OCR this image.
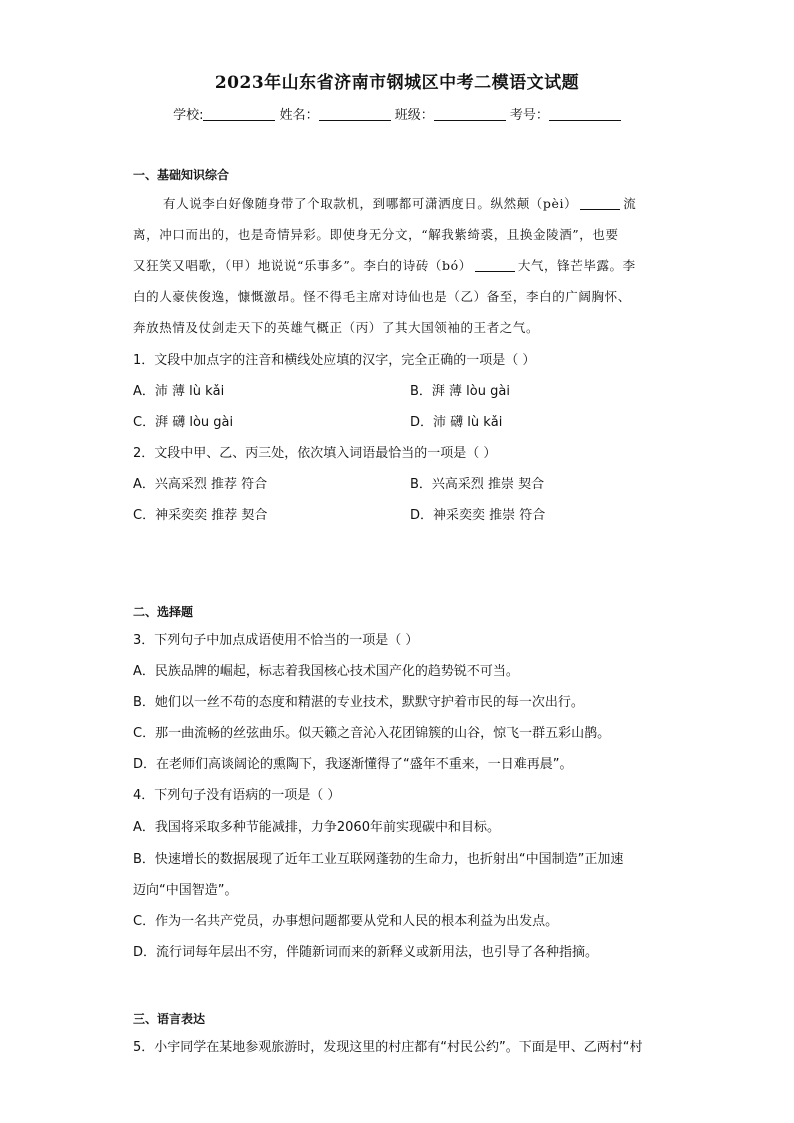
2023年山东省济南市钢城区中考二模语文试题
学校:	姓名：	班级：	考号：
一、基础知识综合
有人说李白好像随身带了个取款机，到哪都可潇洒度日。纵然颠（pèi）	流
离，冲口而出的，也是奇情异彩。即使身无分文，“解我紫绮裘，且换金陵酒”，也要
又狂笑又唱歌，（甲）地说说“乐事多”。李白的诗砖（bó）	大气，锋芒毕露。李
白的人豪侠俊逸，慷慨激昂。怪不得毛主席对诗仙也是（乙）备至，李白的广阔胸怀、
奔放热情及仗剑走天下的英雄气概正（丙）了其大国领袖的王者之气。
1．文段中加点字的注音和横线处应填的汉字，完全正确的一项是（ ）
A．沛 薄 lù kǎi	B．湃 薄 lòu gài
C．湃 礴 lòu gài	D．沛 礴 lù kǎi
2．文段中甲、乙、丙三处，依次填入词语最恰当的一项是（ ）
A．兴高采烈 推荐 符合	B．兴高采烈 推崇 契合
C．神采奕奕 推荐 契合	D．神采奕奕 推崇 符合
二、选择题
3．下列句子中加点成语使用不恰当的一项是（ ）
A．民族品牌的崛起，标志着我国核心技术国产化的趋势锐不可当。
B．她们以一丝不苟的态度和精湛的专业技术，默默守护着市民的每一次出行。
C．那一曲流畅的丝弦曲乐。似天籁之音沁入花团锦簇的山谷，惊飞一群五彩山鹊。
D．在老师们高谈阔论的熏陶下，我逐渐懂得了“盛年不重来，一日难再晨”。
4．下列句子没有语病的一项是（ ）
A．我国将采取多种节能减排，力争2060年前实现碳中和目标。
B．快速增长的数据展现了近年工业互联网蓬勃的生命力，也折射出“中国制造”正加速
迈向“中国智造”。
C．作为一名共产党员，办事想问题都要从党和人民的根本利益为出发点。
D．流行词每年层出不穷，伴随新词而来的新释义或新用法，也引导了各种指摘。
三、语言表达
5．小宇同学在某地参观旅游时，发现这里的村庄都有“村民公约”。下面是甲、乙两村“村
